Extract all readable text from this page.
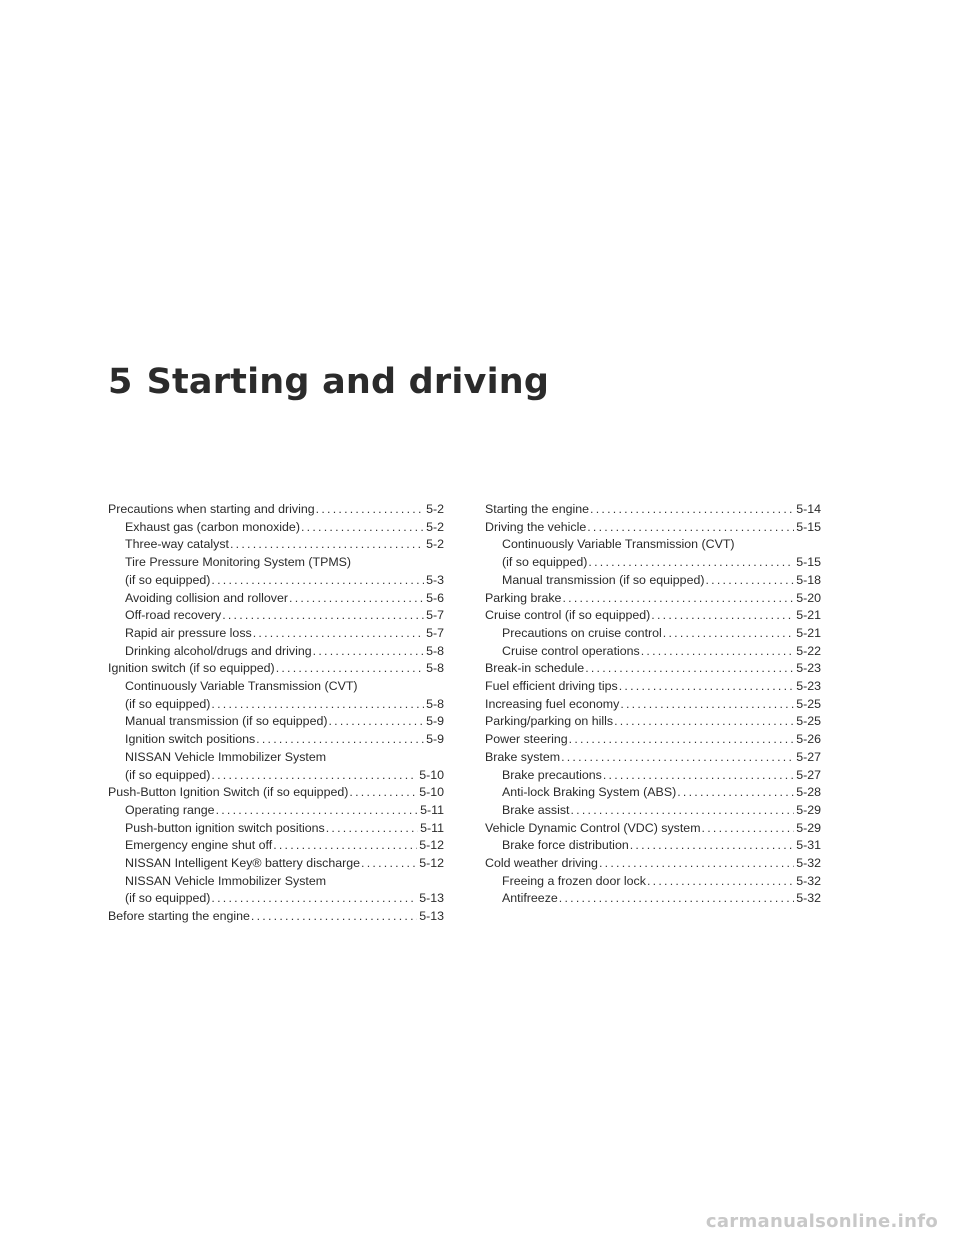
5 Starting and driving
Precautions when starting and driving . . .	5-2
Exhaust gas (carbon monoxide) . . .	5-2
Three-way catalyst . . .	5-2
Tire Pressure Monitoring System (TPMS)
(if so equipped) . . .	5-3
Avoiding collision and rollover . . .	5-6
Off-road recovery . . .	5-7
Rapid air pressure loss . . .	5-7
Drinking alcohol/drugs and driving . . .	5-8
Ignition switch (if so equipped) . . .	5-8
Continuously Variable Transmission (CVT)
(if so equipped) . . .	5-8
Manual transmission (if so equipped) . . .	5-9
Ignition switch positions . . .	5-9
NISSAN Vehicle Immobilizer System
(if so equipped) . . .	5-10
Push-Button Ignition Switch (if so equipped) . . .	5-10
Operating range . . .	5-11
Push-button ignition switch positions . . .	5-11
Emergency engine shut off . . .	5-12
NISSAN Intelligent Key® battery discharge . . .	5-12
NISSAN Vehicle Immobilizer System
(if so equipped) . . .	5-13
Before starting the engine . . .	5-13
Starting the engine . . .	5-14
Driving the vehicle . . .	5-15
Continuously Variable Transmission (CVT)
(if so equipped) . . .	5-15
Manual transmission (if so equipped) . . .	5-18
Parking brake . . .	5-20
Cruise control (if so equipped) . . .	5-21
Precautions on cruise control . . .	5-21
Cruise control operations . . .	5-22
Break-in schedule . . .	5-23
Fuel efficient driving tips . . .	5-23
Increasing fuel economy . . .	5-25
Parking/parking on hills . . .	5-25
Power steering . . .	5-26
Brake system . . .	5-27
Brake precautions . . .	5-27
Anti-lock Braking System (ABS) . . .	5-28
Brake assist . . .	5-29
Vehicle Dynamic Control (VDC) system . . .	5-29
Brake force distribution . . .	5-31
Cold weather driving . . .	5-32
Freeing a frozen door lock . . .	5-32
Antifreeze . . .	5-32
carmanualsonline.info
